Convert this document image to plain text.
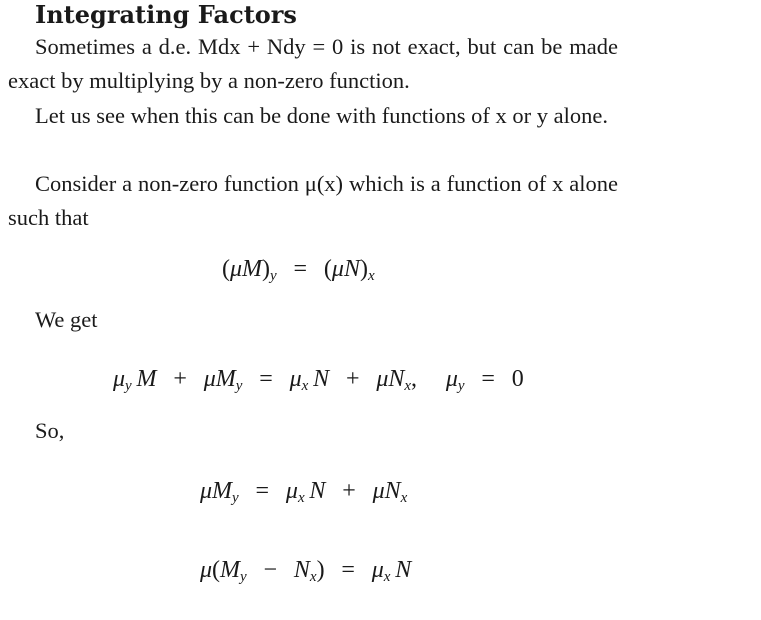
Integrating Factors
Sometimes a d.e. Mdx + Ndy = 0 is not exact, but can be made exact by multiplying by a non-zero function.
Let us see when this can be done with functions of x or y alone.
Consider a non-zero function μ(x) which is a function of x alone such that
$(\mu M)_y$  =  $(\mu N)_x$
We get
$\mu_y$  M  +  $\mu M_y$  =  $\mu_x$  N  +  $\mu N_x$,  $\mu_y$  =  0
So,
$\mu M_y$  =  $\mu_x$  N  +  $\mu N_x$
$\mu(M_y$  −  $N_x$)  =  $\mu_x$  N
